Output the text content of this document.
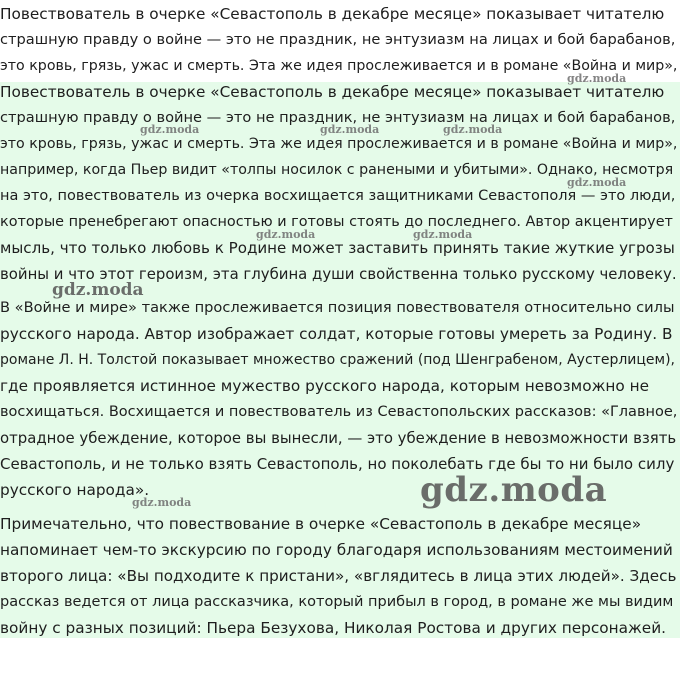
Повествователь в очерке «Севастополь в декабре месяце» показывает читателю
страшную правду о войне — это не праздник, не энтузиазм на лицах и бой барабанов,
это кровь, грязь, ужас и смерть. Эта же идея прослеживается и в романе «Война и мир»,
Повествователь в очерке «Севастополь в декабре месяце» показывает читателю
страшную правду о войне — это не праздник, не энтузиазм на лицах и бой барабанов,
это кровь, грязь, ужас и смерть. Эта же идея прослеживается и в романе «Война и мир»,
например, когда Пьер видит «толпы носилок с ранеными и убитыми». Однако, несмотря
на это, повествователь из очерка восхищается защитниками Севастополя — это люди,
которые пренебрегают опасностью и готовы стоять до последнего. Автор акцентирует
мысль, что только любовь к Родине может заставить принять такие жуткие угрозы
войны и что этот героизм, эта глубина души свойственна только русскому человеку.
В «Войне и мире» также прослеживается позиция повествователя относительно силы
русского народа. Автор изображает солдат, которые готовы умереть за Родину. В
романе Л. Н. Толстой показывает множество сражений (под Шенграбеном, Аустерлицем),
где проявляется истинное мужество русского народа, которым невозможно не
восхищаться. Восхищается и повествователь из Севастопольских рассказов: «Главное,
отрадное убеждение, которое вы вынесли, — это убеждение в невозможности взять
Севастополь, и не только взять Севастополь, но поколебать где бы то ни было силу
русского народа».
Примечательно, что повествование в очерке «Севастополь в декабре месяце»
напоминает чем-то экскурсию по городу благодаря использованиям местоимений
второго лица: «Вы подходите к пристани», «вглядитесь в лица этих людей». Здесь
рассказ ведется от лица рассказчика, который прибыл в город, в романе же мы видим
войну с разных позиций: Пьера Безухова, Николая Ростова и других персонажей.
gdz.moda
gdz.moda	gdz.moda	gdz.moda
gdz.moda
gdz.moda	gdz.moda
gdz.moda
gdz.moda	gdz.moda
